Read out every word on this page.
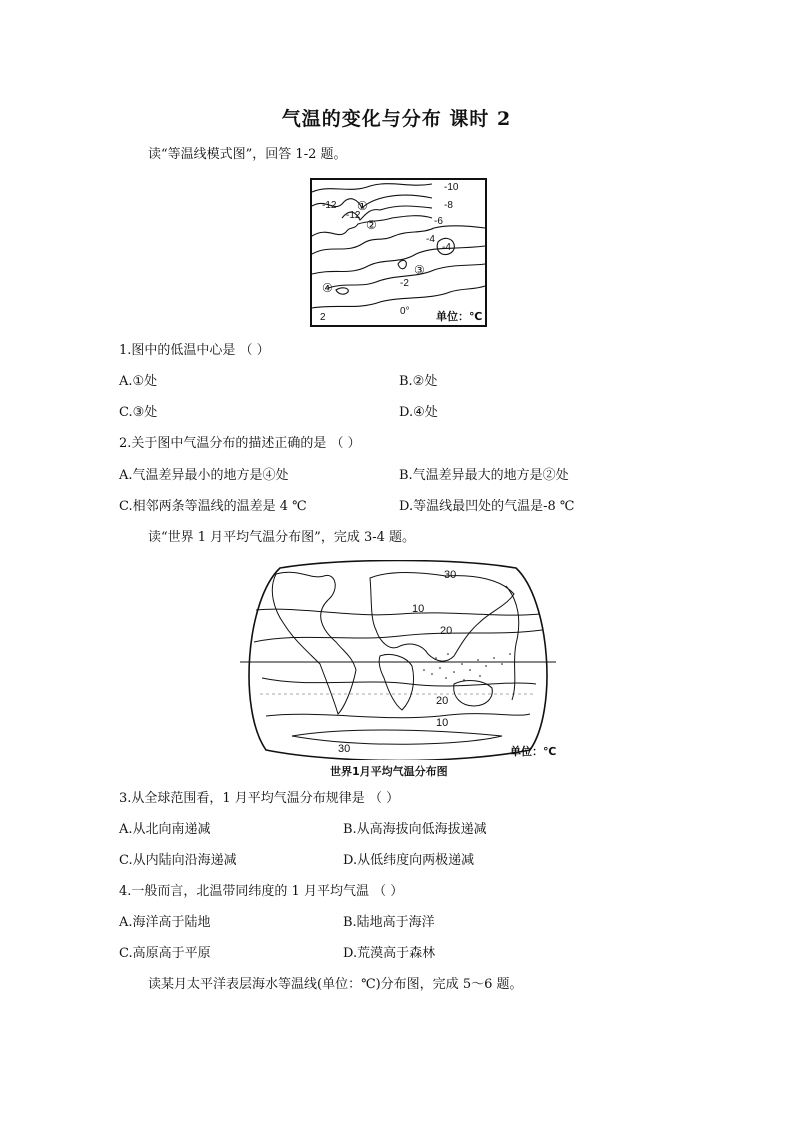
气温的变化与分布 课时 2
读“等温线模式图”，回答 1-2 题。
-10
-8
-6
-4
-4
-2
0°
2
-12
-12
①
②
③
④
单位：℃
1.图中的低温中心是 （ ）
A.①处	B.②处
C.③处	D.④处
2.关于图中气温分布的描述正确的是 （ ）
A.气温差异最小的地方是④处	B.气温差异最大的地方是②处
C.相邻两条等温线的温差是 4 ℃	D.等温线最凹处的气温是-8 ℃
读“世界 1 月平均气温分布图”，完成 3-4 题。
30
10
20
20
10
30	单位：℃
世界1月平均气温分布图
3.从全球范围看，1 月平均气温分布规律是 （ ）
A.从北向南递减	B.从高海拔向低海拔递减
C.从内陆向沿海递减	D.从低纬度向两极递减
4.一般而言，北温带同纬度的 1 月平均气温 （ ）
A.海洋高于陆地	B.陆地高于海洋
C.高原高于平原	D.荒漠高于森林
读某月太平洋表层海水等温线(单位：℃)分布图，完成 5～6 题。
